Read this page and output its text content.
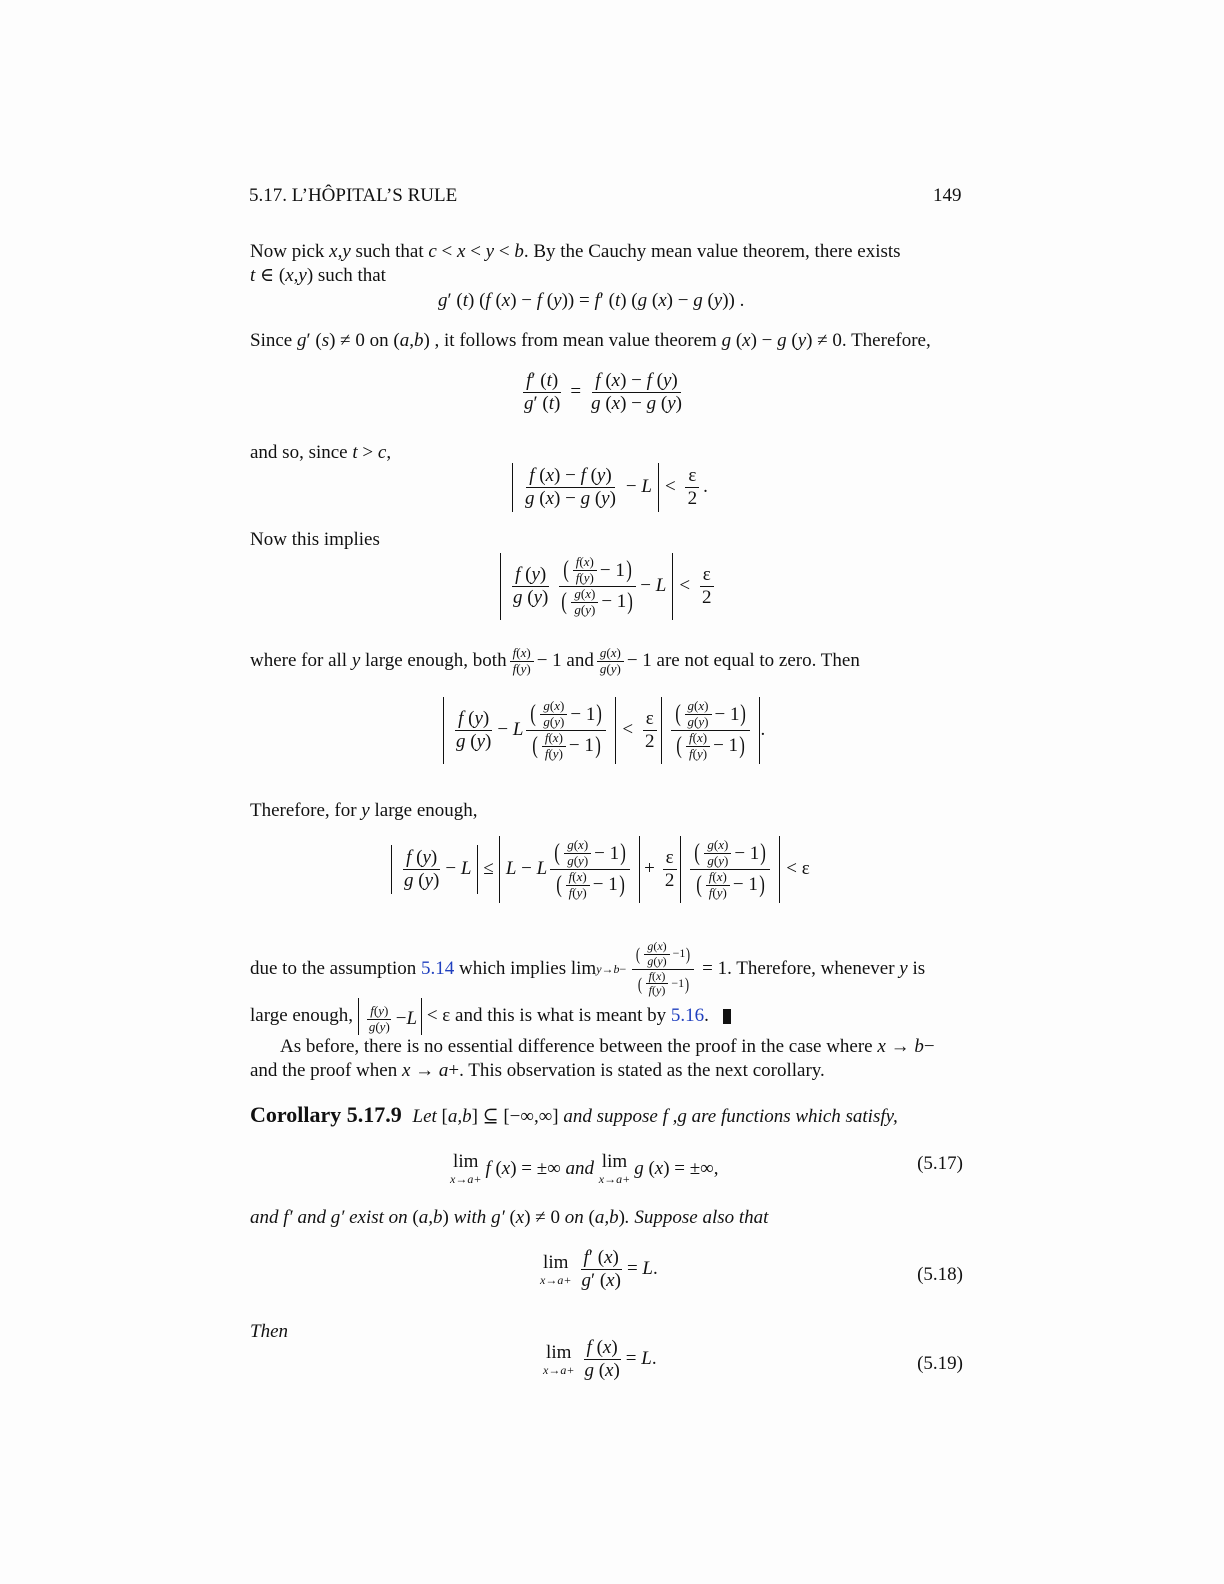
5.17. L’HÔPITAL’S RULE	149
Now pick x,y such that c < x < y < b. By the Cauchy mean value theorem, there exists
t ∈ (x,y) such that
g′ (t) (f (x) − f (y)) = f′ (t) (g (x) − g (y)) .
Since g′ (s) ≠ 0 on (a,b) , it follows from mean value theorem g (x) − g (y) ≠ 0. Therefore,
$\frac{f' (t)}{g' (t)} = \frac{f (x) - f (y)}{g (x) - g (y)}$
and so, since t > c,
$\frac{f (x) - f (y)}{g (x) - g (y)} - L < \frac{\varepsilon}{2}$ .
Now this implies
$\frac{f (y)}{g (y)} \frac{( \frac{f(x)}{f(y)} - 1 )}{( \frac{g(x)}{g(y)} - 1 )} - L < \frac{\varepsilon}{2}$
where for all
y
large enough, both $\frac{f(x)}{f(y)} - 1$ and $\frac{g(x)}{g(y)} - 1$ are not equal to zero. Then
$\frac{f (y)}{g (y)} - L \frac{( \frac{g(x)}{g(y)} - 1 )}{( \frac{f(x)}{f(y)} - 1 )} < \frac{\varepsilon}{2} \frac{( \frac{g(x)}{g(y)} - 1 )}{( \frac{f(x)}{f(y)} - 1 )}$ .
Therefore, for y large enough,
$\frac{f (y)}{g (y)} - L \le L - L \frac{( \frac{g(x)}{g(y)} - 1 )}{( \frac{f(x)}{f(y)} - 1 )} + \frac{\varepsilon}{2} \frac{( \frac{g(x)}{g(y)} - 1 )}{( \frac{f(x)}{f(y)} - 1 )} < \varepsilon$
due to the assumption
5.14
which implies $\lim y\to b- \frac{( \frac{g(x)}{g(y)} -1 )}{( \frac{f(x)}{f(y)} -1 )}$
= 1. Therefore, whenever
y
is
large enough,
$\frac{f(y)}{g(y)} - L < \varepsilon$ and this is what is meant by
5.16 .
As before, there is no essential difference between the proof in the case where x → b−
and the proof when x → a+. This observation is stated as the next corollary.
Corollary 5.17.9 Let [a,b] ⊆ [−∞,∞] and suppose f ,g are functions which satisfy,
lim
x→a+
f (x) = ±∞ and lim
x→a+
g (x) = ±∞,	(5.17)
and f′ and g′ exist on (a,b) with g′ (x) ≠ 0 on (a,b). Suppose also that
lim
$x\to a+ \frac{f' (x)}{g' (x)} = L$.	(5.18)
Then
lim
$x\to a+ \frac{f (x)}{g (x)} = L$.	(5.19)
